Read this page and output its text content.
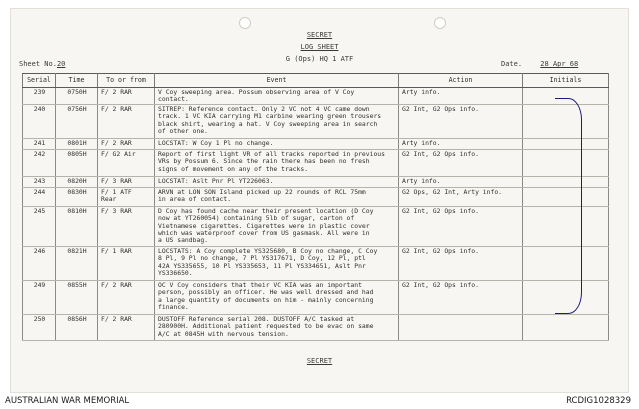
SECRET
LOG SHEET
G (Ops) HQ 1 ATF
Sheet No.20	Date.	28 Apr 68
Serial	Time	To or from	Event	Action	Initials
239	0750H	F/ 2 RAR	V Coy sweeping area. Possum observing area of V Coy
contact.	Arty info.	
240	0756H	F/ 2 RAR	SITREP: Reference contact. Only 2 VC not 4 VC came down
track. 1 VC KIA carrying M1 carbine wearing green trousers
black shirt, wearing a hat. V Coy sweeping area in search
of other one.	G2 Int, G2 Ops info.	
241	0801H	F/ 2 RAR	LOCSTAT: W Coy 1 Pl no change.	Arty info.	
242	0805H	F/ G2 Air	Report of first light VR of all tracks reported in previous
VRs by Possum 6. Since the rain there has been no fresh
signs of movement on any of the tracks.	G2 Int, G2 Ops info.	
243	0820H	F/ 3 RAR	LOCSTAT: Aslt Pnr Pl YT226063.	Arty info.	
244	0830H	F/ 1 ATF
Rear	ARVN at LON SON Island picked up 22 rounds of RCL 75mm
in area of contact.	G2 Ops, G2 Int, Arty info.	
245	0810H	F/ 3 RAR	D Coy has found cache near their present location (D Coy
now at YT260054) containing 5lb of sugar, carton of
Vietnamese cigarettes. Cigarettes were in plastic cover
which was waterproof cover from US gasmask. All were in
a US sandbag.	G2 Int, G2 Ops info.	
246	0821H	F/ 1 RAR	LOCSTATS: A Coy complete YS325680, B Coy no change, C Coy
8 Pl, 9 Pl no change, 7 Pl YS317671, D Coy, 12 Pl, ptl
42A YS335655, 10 Pl YS335653, 11 Pl YS334651, Aslt Pnr
YS336650.	G2 Int, G2 Ops info.	
249	0855H	F/ 2 RAR	OC V Coy considers that their VC KIA was an important
person, possibly an officer. He was well dressed and had
a large quantity of documents on him - mainly concerning
finance.	G2 Int, G2 Ops info.	
250	0856H	F/ 2 RAR	DUSTOFF Reference serial 208. DUSTOFF A/C tasked at
280900H. Additional patient requested to be evac on same
A/C at 0845H with nervous tension.		
SECRET
AUSTRALIAN WAR MEMORIAL	RCDIG1028329
